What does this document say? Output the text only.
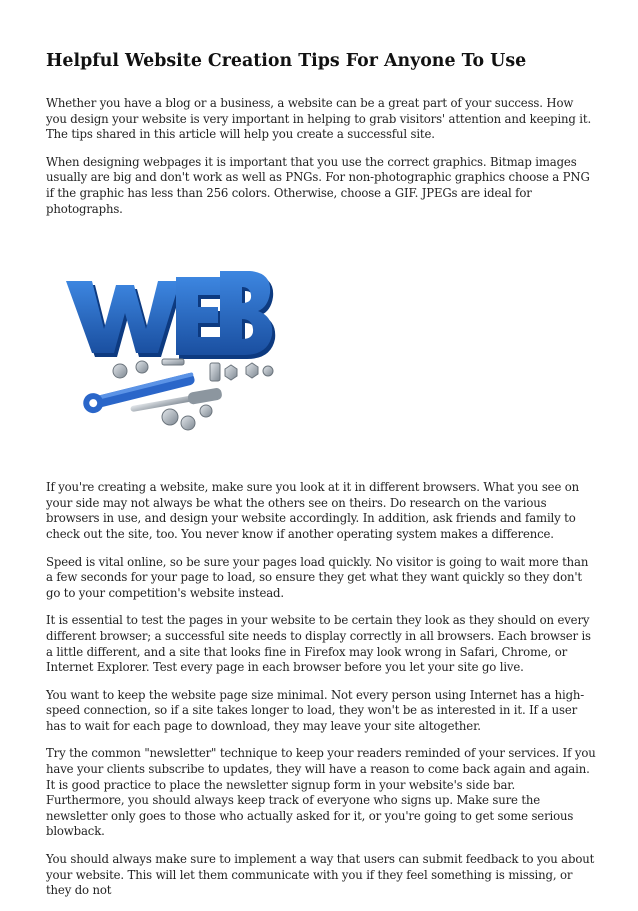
Helpful Website Creation Tips For Anyone To Use

Whether you have a blog or a business, a website can be a great part of your success. How you design your website is very important in helping to grab visitors' attention and keeping it. The tips shared in this article will help you create a successful site.

When designing webpages it is important that you use the correct graphics. Bitmap images usually are big and don't work as well as PNGs. For non-photographic graphics choose a PNG if the graphic has less than 256 colors. Otherwise, choose a GIF. JPEGs are ideal for photographs.

If you're creating a website, make sure you look at it in different browsers. What you see on your side may not always be what the others see on theirs. Do research on the various browsers in use, and design your website accordingly. In addition, ask friends and family to check out the site, too. You never know if another operating system makes a difference.

Speed is vital online, so be sure your pages load quickly. No visitor is going to wait more than a few seconds for your page to load, so ensure they get what they want quickly so they don't go to your competition's website instead.

It is essential to test the pages in your website to be certain they look as they should on every different browser; a successful site needs to display correctly in all browsers. Each browser is a little different, and a site that looks fine in Firefox may look wrong in Safari, Chrome, or Internet Explorer. Test every page in each browser before you let your site go live.

You want to keep the website page size minimal. Not every person using Internet has a high-speed connection, so if a site takes longer to load, they won't be as interested in it. If a user has to wait for each page to download, they may leave your site altogether.

Try the common "newsletter" technique to keep your readers reminded of your services. If you have your clients subscribe to updates, they will have a reason to come back again and again. It is good practice to place the newsletter signup form in your website's side bar. Furthermore, you should always keep track of everyone who signs up. Make sure the newsletter only goes to those who actually asked for it, or you're going to get some serious blowback.

You should always make sure to implement a way that users can submit feedback to you about your website. This will let them communicate with you if they feel something is missing, or they do not
